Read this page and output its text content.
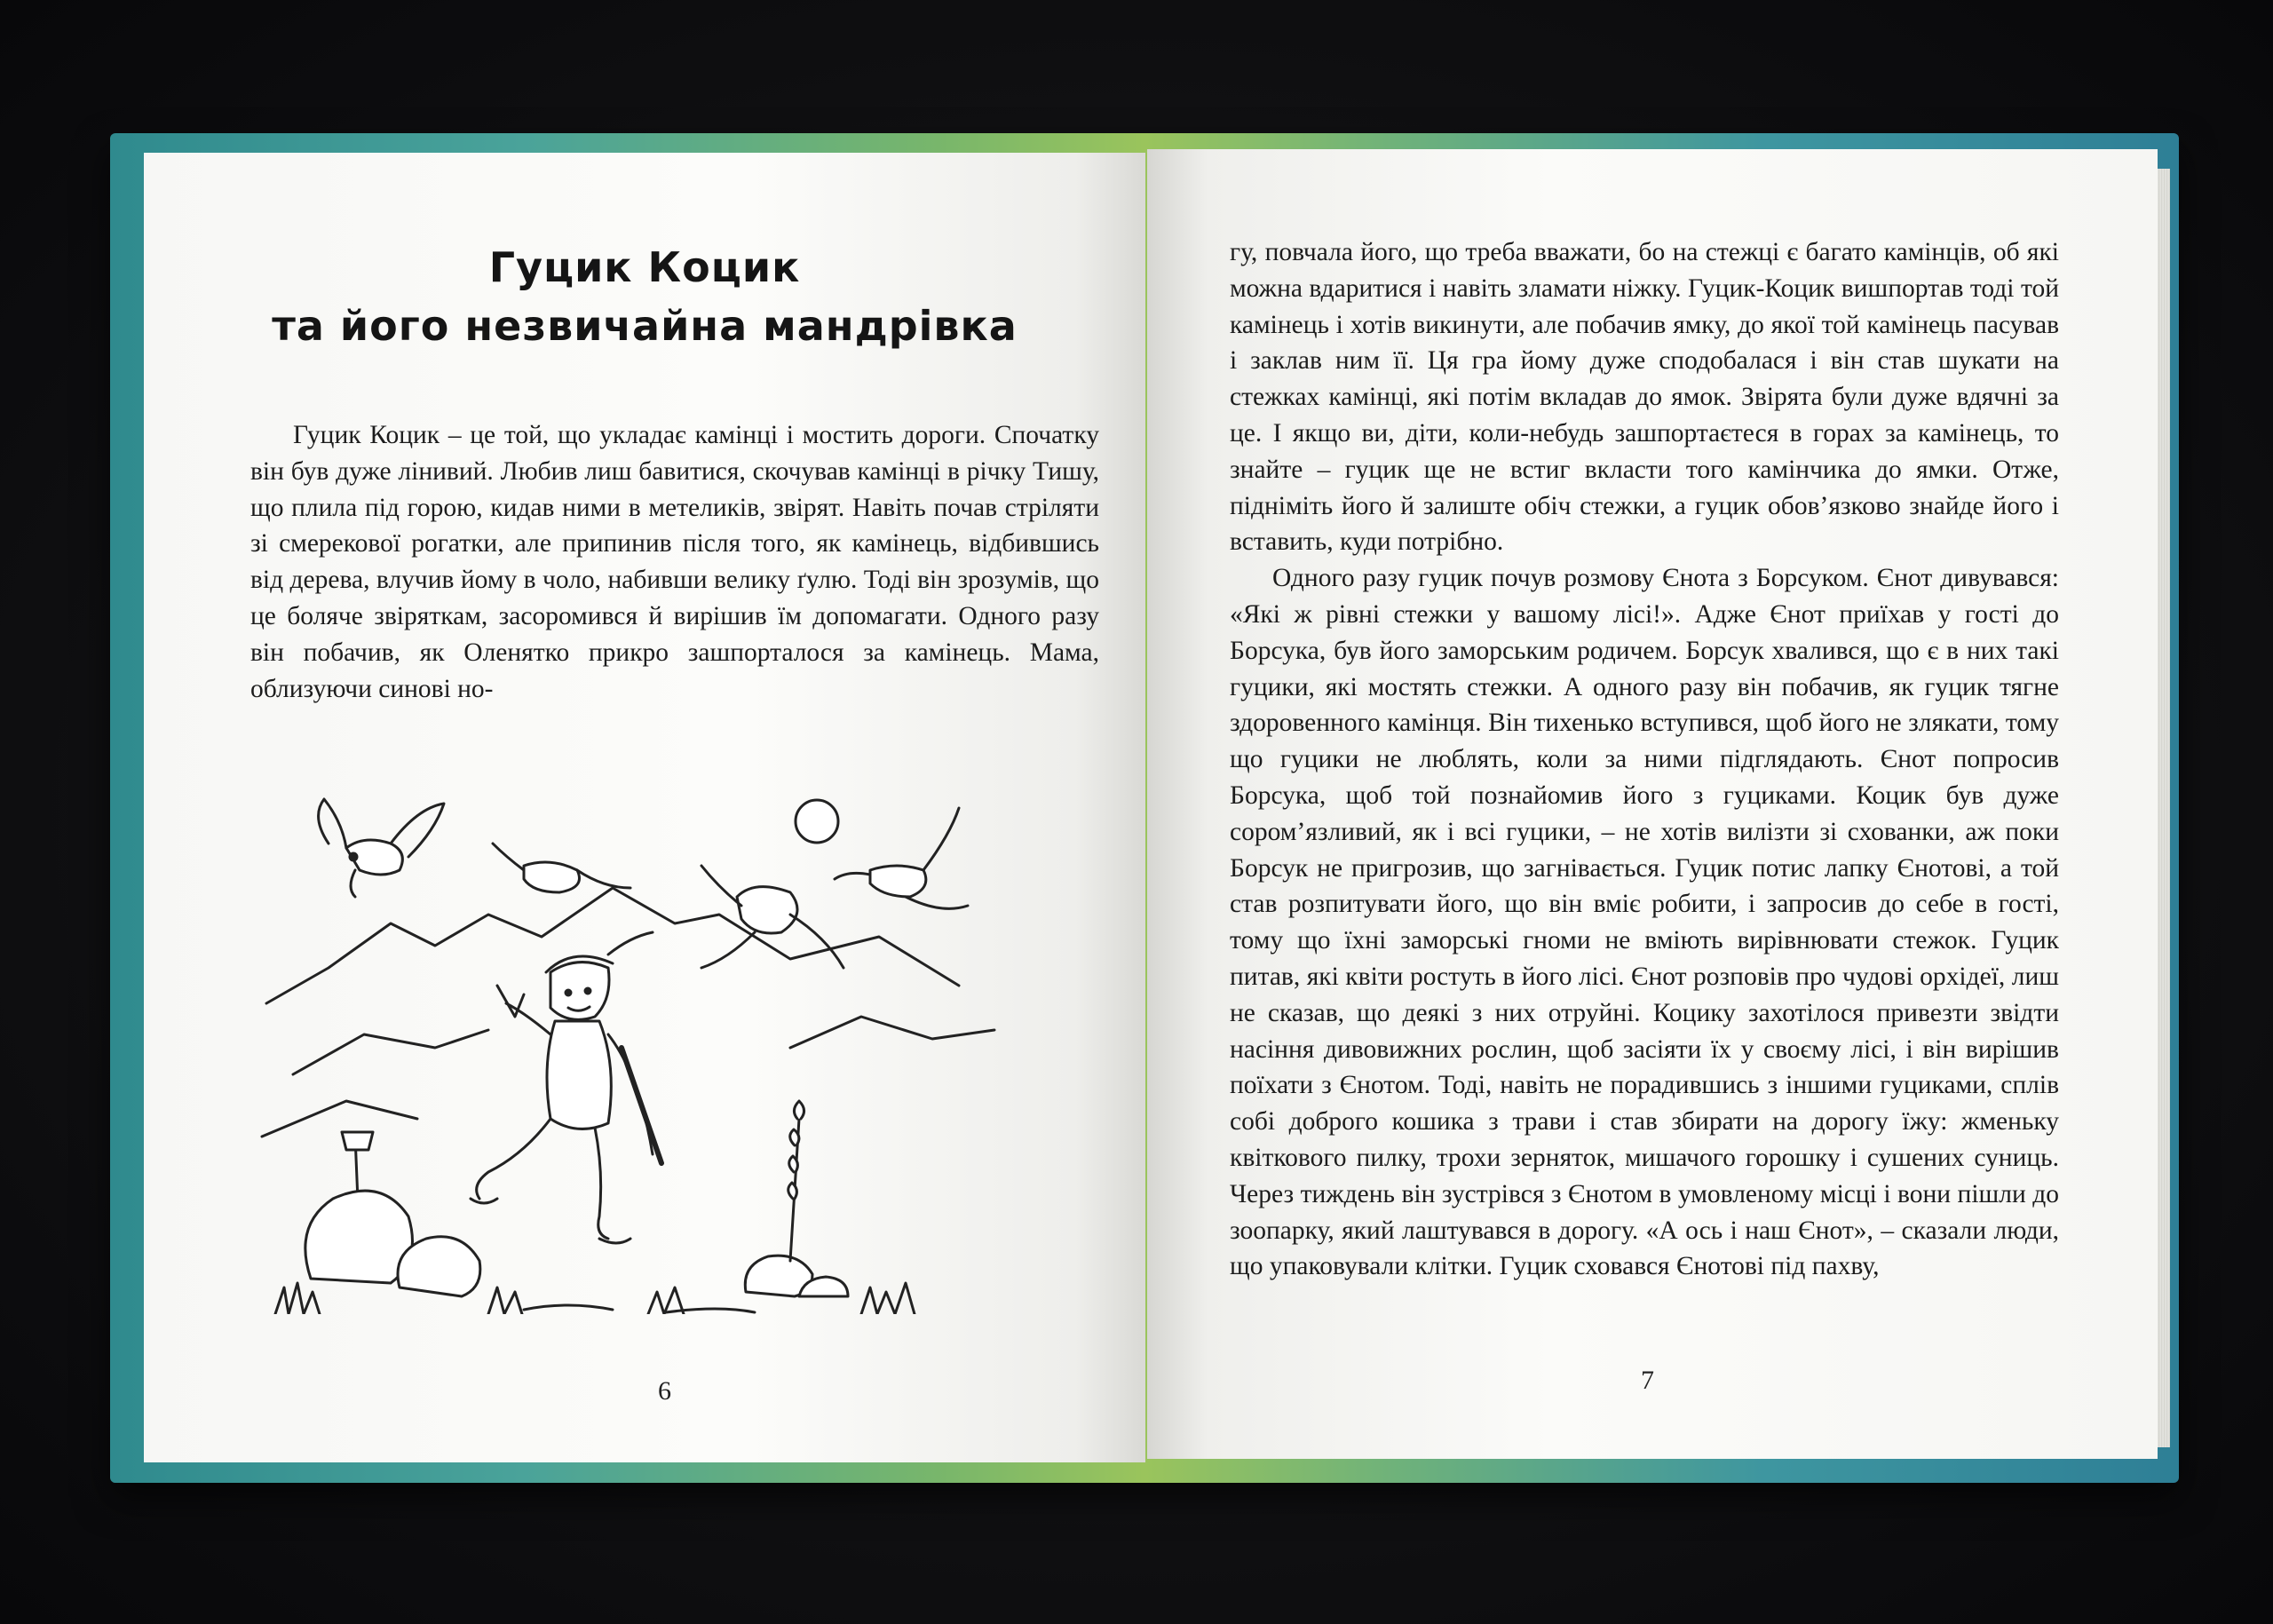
Гуцик Коцик
та його незвичайна мандрівка

Гуцик Коцик – це той, що укладає камінці і мостить дороги. Спочатку він був дуже лінивий. Любив лиш бавитися, скочував камінці в річку Тишу, що плила під горою, кидав ними в метеликів, звірят. Навіть почав стріляти зі смерекової рогатки, але припинив після того, як камінець, відбившись від дерева, влучив йому в чоло, набивши велику ґулю. Тоді він зрозумів, що це боляче звіряткам, засоромився й вирішив їм допомагати. Одного разу він побачив, як Оленятко прикро зашпорталося за камінець. Мама, облизуючи синові но-

6

гу, повчала його, що треба вважати, бо на стежці є багато камінців, об які можна вдаритися і навіть зламати ніжку. Гуцик-Коцик вишпортав тоді той камінець і хотів викинути, але побачив ямку, до якої той камінець пасував і заклав ним її. Ця гра йому дуже сподобалася і він став шукати на стежках камінці, які потім вкладав до ямок. Звірята були дуже вдячні за це. І якщо ви, діти, коли-небудь зашпортаєтеся в горах за камінець, то знайте – гуцик ще не встиг вкласти того камінчика до ямки. Отже, підніміть його й залиште обіч стежки, а гуцик обов’язково знайде його і вставить, куди потрібно.

Одного разу гуцик почув розмову Єнота з Борсуком. Єнот дивувався: «Які ж рівні стежки у вашому лісі!». Адже Єнот приїхав у гості до Борсука, був його заморським родичем. Борсук хвалився, що є в них такі гуцики, які мостять стежки. А одного разу він побачив, як гуцик тягне здоровенного камінця. Він тихенько вступився, щоб його не злякати, тому що гуцики не люблять, коли за ними підглядають. Єнот попросив Борсука, щоб той познайомив його з гуциками. Коцик був дуже сором’язливий, як і всі гуцики, – не хотів вилізти зі схованки, аж поки Борсук не пригрозив, що загнівається. Гуцик потис лапку Єнотові, а той став розпитувати його, що він вміє робити, і запросив до себе в гості, тому що їхні заморські гноми не вміють вирівнювати стежок. Гуцик питав, які квіти ростуть в його лісі. Єнот розповів про чудові орхідеї, лиш не сказав, що деякі з них отруйні. Коцику захотілося привезти звідти насіння дивовижних рослин, щоб засіяти їх у своєму лісі, і він вирішив поїхати з Єнотом. Тоді, навіть не порадившись з іншими гуциками, сплів собі доброго кошика з трави і став збирати на дорогу їжу: жменьку квіткового пилку, трохи зерняток, мишачого горошку і сушених суниць. Через тиждень він зустрівся з Єнотом в умовленому місці і вони пішли до зоопарку, який лаштувався в дорогу. «А ось і наш Єнот», – сказали люди, що упаковували клітки. Гуцик сховався Єнотові під пахву,

7
